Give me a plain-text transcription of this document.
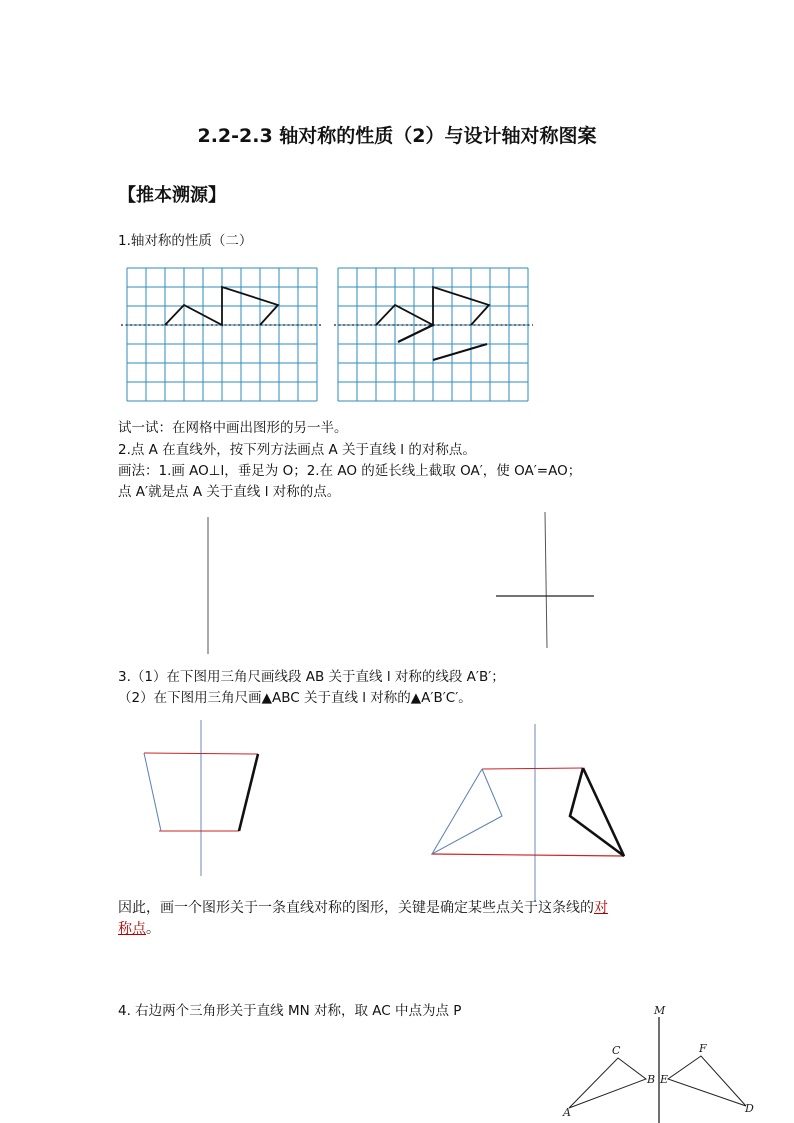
2.2-2.3 轴对称的性质（2）与设计轴对称图案
【推本溯源】
1.轴对称的性质（二）
M
C
B
A
F
E
D
试一试：在网格中画出图形的另一半。
2.点 A 在直线外，按下列方法画点 A 关于直线 l 的对称点。
画法：1.画 AO⊥l，垂足为 O；2.在 AO 的延长线上截取 OA′，使 OA′=AO；
点 A′就是点 A 关于直线 l 对称的点。
3.（1）在下图用三角尺画线段 AB 关于直线 l 对称的线段 A′B′；
（2）在下图用三角尺画▲ABC 关于直线 l 对称的▲A′B′C′。
因此，画一个图形关于一条直线对称的图形，关键是确定某些点关于这条线的对
称点。
4. 右边两个三角形关于直线 MN 对称，取 AC 中点为点 P
